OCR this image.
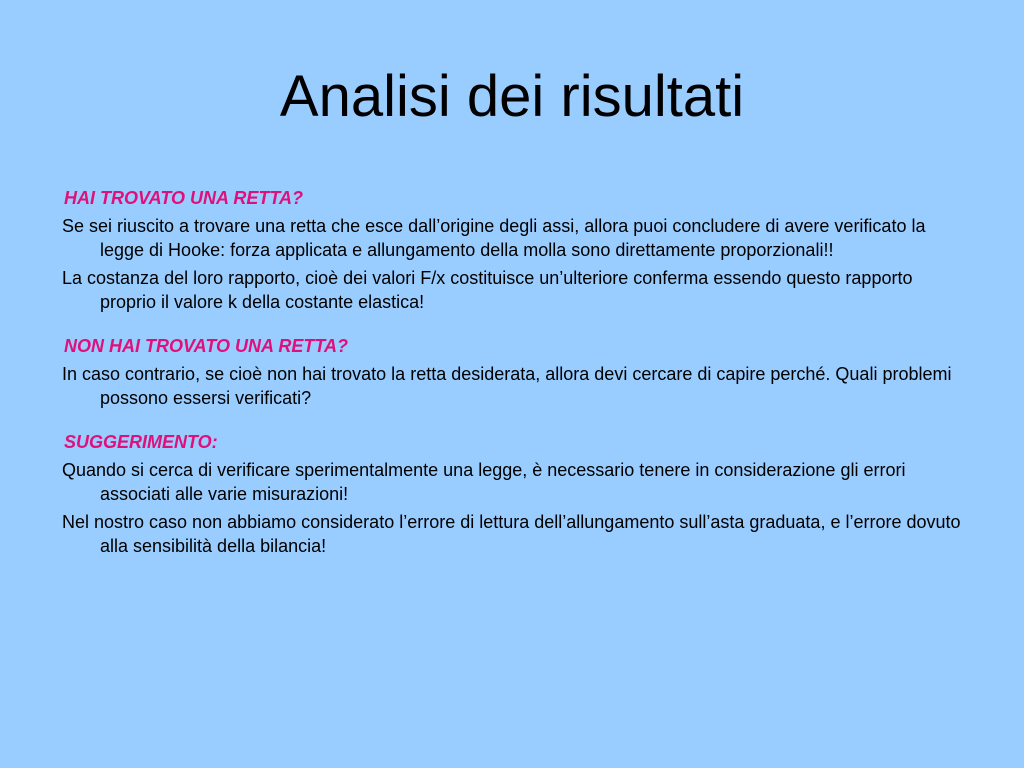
Analisi dei risultati

HAI TROVATO UNA RETTA?

Se sei riuscito a trovare una retta che esce dall’origine degli assi, allora puoi concludere di avere verificato la legge di Hooke: forza applicata e allungamento della molla sono direttamente proporzionali!!

La costanza del loro rapporto, cioè dei valori F/x costituisce un’ulteriore conferma essendo questo rapporto proprio il valore k della costante elastica!

NON HAI TROVATO UNA RETTA?

In caso contrario, se cioè non hai trovato la retta desiderata, allora devi cercare di capire perché. Quali problemi possono essersi verificati?

SUGGERIMENTO:

Quando si cerca di verificare sperimentalmente una legge, è necessario tenere in considerazione gli errori associati alle varie misurazioni!

Nel nostro caso non abbiamo considerato l’errore di lettura dell’allungamento sull’asta graduata, e l’errore dovuto alla sensibilità della bilancia!
